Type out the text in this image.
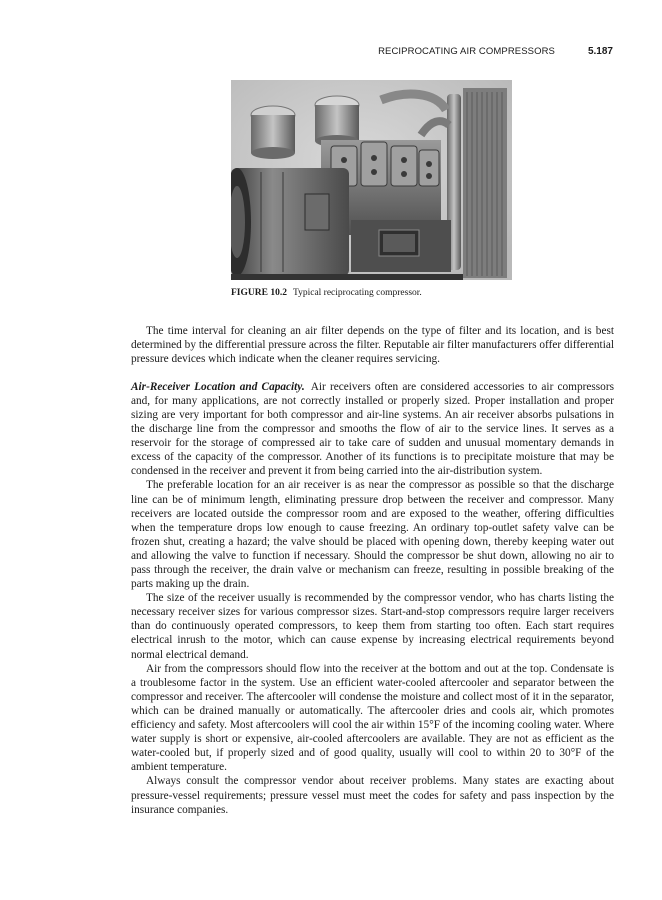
RECIPROCATING AIR COMPRESSORS	5.187
FIGURE 10.2 Typical reciprocating compressor.

The time interval for cleaning an air filter depends on the type of filter and its location, and is best determined by the differential pressure across the filter. Reputable air filter manufacturers offer differential pressure devices which indicate when the cleaner requires servicing.

Air-Receiver Location and Capacity. Air receivers often are considered accessories to air compressors and, for many applications, are not correctly installed or properly sized. Proper installation and proper sizing are very important for both compressor and air-line systems. An air receiver absorbs pulsations in the discharge line from the compressor and smooths the flow of air to the service lines. It serves as a reservoir for the storage of compressed air to take care of sudden and unusual momentary demands in excess of the capacity of the compressor. Another of its functions is to precipitate moisture that may be condensed in the receiver and prevent it from being carried into the air-distribution system.

The preferable location for an air receiver is as near the compressor as possible so that the discharge line can be of minimum length, eliminating pressure drop between the receiver and compressor. Many receivers are located outside the compressor room and are exposed to the weather, offering difficulties when the temperature drops low enough to cause freezing. An ordinary top-outlet safety valve can be frozen shut, creating a hazard; the valve should be placed with opening down, thereby keeping water out and allowing the valve to function if necessary. Should the compressor be shut down, allowing no air to pass through the receiver, the drain valve or mechanism can freeze, resulting in possible breaking of the parts making up the drain.

The size of the receiver usually is recommended by the compressor vendor, who has charts listing the necessary receiver sizes for various compressor sizes. Start-and-stop compressors require larger receivers than do continuously operated compressors, to keep them from starting too often. Each start requires electrical inrush to the motor, which can cause expense by increasing electrical requirements beyond normal electrical demand.

Air from the compressors should flow into the receiver at the bottom and out at the top. Condensate is a troublesome factor in the system. Use an efficient water-cooled aftercooler and separator between the compressor and receiver. The aftercooler will condense the moisture and collect most of it in the separator, which can be drained manually or automatically. The aftercooler dries and cools air, which promotes efficiency and safety. Most aftercoolers will cool the air within 15°F of the incoming cooling water. Where water supply is short or expensive, air-cooled aftercoolers are available. They are not as efficient as the water-cooled but, if properly sized and of good quality, usually will cool to within 20 to 30°F of the ambient temperature.

Always consult the compressor vendor about receiver problems. Many states are exacting about pressure-vessel requirements; pressure vessel must meet the codes for safety and pass inspection by the insurance companies.
